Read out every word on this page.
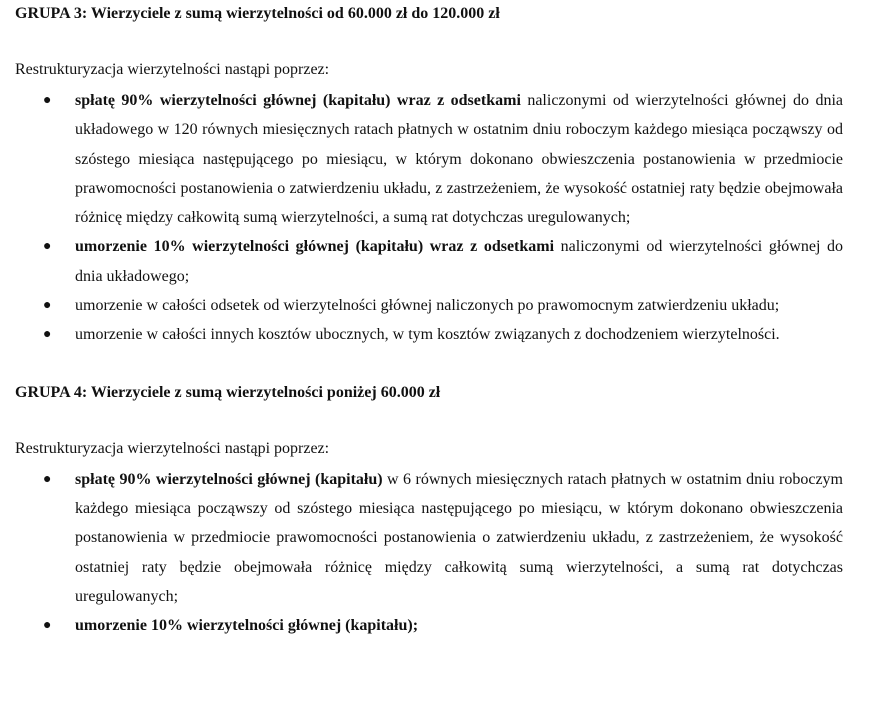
GRUPA 3: Wierzyciele z sumą wierzytelności od 60.000 zł do 120.000 zł

Restrukturyzacja wierzytelności nastąpi poprzez:

● spłatę 90% wierzytelności głównej (kapitału) wraz z odsetkami naliczonymi od wierzytelności głównej do dnia układowego w 120 równych miesięcznych ratach płatnych w ostatnim dniu roboczym każdego miesiąca począwszy od szóstego miesiąca następującego po miesiącu, w którym dokonano obwieszczenia postanowienia w przedmiocie prawomocności postanowienia o zatwierdzeniu układu, z zastrzeżeniem, że wysokość ostatniej raty będzie obejmowała różnicę między całkowitą sumą wierzytelności, a sumą rat dotychczas uregulowanych;
● umorzenie 10% wierzytelności głównej (kapitału) wraz z odsetkami naliczonymi od wierzytelności głównej do dnia układowego;
● umorzenie w całości odsetek od wierzytelności głównej naliczonych po prawomocnym zatwierdzeniu układu;
● umorzenie w całości innych kosztów ubocznych, w tym kosztów związanych z dochodzeniem wierzytelności.

GRUPA 4: Wierzyciele z sumą wierzytelności poniżej 60.000 zł

Restrukturyzacja wierzytelności nastąpi poprzez:

● spłatę 90% wierzytelności głównej (kapitału) w 6 równych miesięcznych ratach płatnych w ostatnim dniu roboczym każdego miesiąca począwszy od szóstego miesiąca następującego po miesiącu, w którym dokonano obwieszczenia postanowienia w przedmiocie prawomocności postanowienia o zatwierdzeniu układu, z zastrzeżeniem, że wysokość ostatniej raty będzie obejmowała różnicę między całkowitą sumą wierzytelności, a sumą rat dotychczas uregulowanych;
● umorzenie 10% wierzytelności głównej (kapitału);
